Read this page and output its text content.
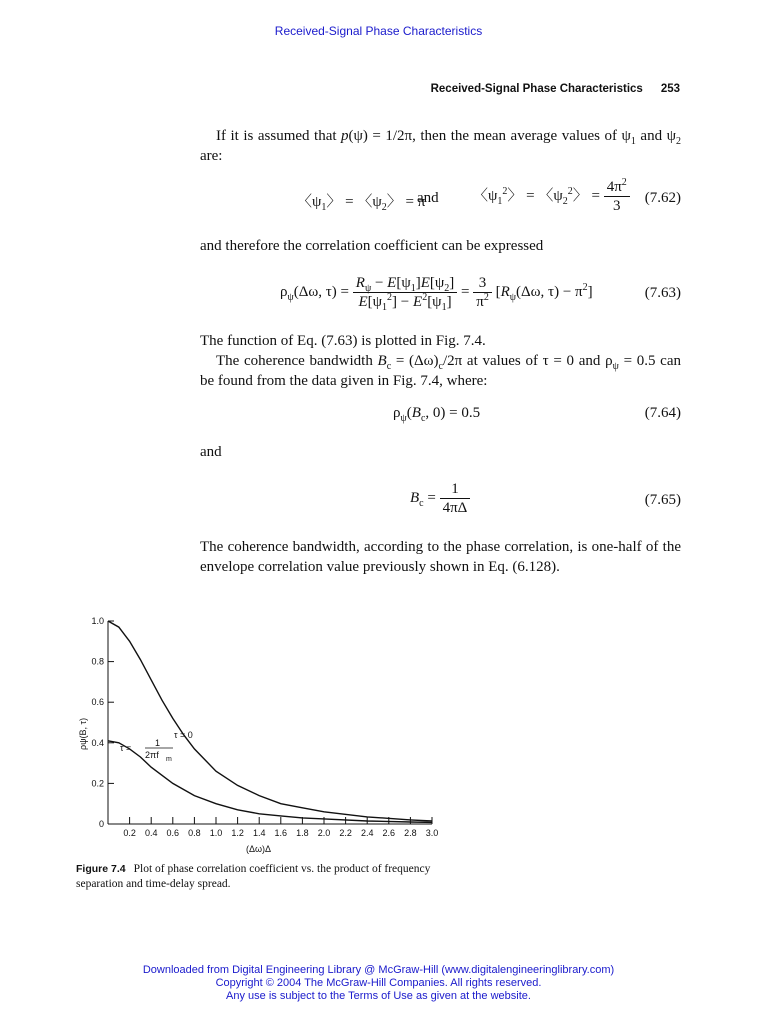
Received-Signal Phase Characteristics
Received-Signal Phase Characteristics 253
If it is assumed that p(ψ) = 1/2π, then the mean average values of $\psi_1$ and $\psi_2$ are:
〈$\psi_1$〉 = 〈$\psi_2$〉 = π
and 〈$\psi_1^2$〉 = 〈$\psi_2^2$〉 = $\frac{4\pi^2}{3} (7.62)$
and therefore the correlation coefficient can be expressed
$\rho_\psi(\Delta\omega$, $\tau) = \frac{R_\psi - E[\psi_1]E[\psi_2]}{E[\psi_1^2] - E^2[\psi_1]} = \frac{3}{\pi^2} [R_\psi(\Delta\omega$, $\tau) - \pi^2$]	(7.63)
The function of Eq. (7.63) is plotted in Fig. 7.4.
The coherence bandwidth $B_c = (\Delta\omega)_c/2\pi$ at values of τ = 0 and $\rho_\psi = 0.5$ can be found from the data given in Fig. 7.4, where:
$\rho_\psi(B_c$, 0) = 0.5	(7.64)
and
$B_c = \frac{1}{4\pi\Delta}$	(7.65)
The coherence bandwidth, according to the phase correlation, is one-half of the envelope correlation value previously shown in Eq. (6.128).
0
0.2
0.4
0.6
0.8
1.0
0.2 0.4 0.6 0.8 1.0 1.2 1.4 1.6 1.8 2.0 2.2 2.4 2.6 2.8 3.0
τ = 0
τ =	1
2πf m
ρψ(B, τ)
(Δω)Δ
Figure 7.4 Plot of phase correlation coefficient vs. the product of frequency separation and time-delay spread.
Downloaded from Digital Engineering Library @ McGraw-Hill (www.digitalengineeringlibrary.com)
Copyright © 2004 The McGraw-Hill Companies. All rights reserved.
Any use is subject to the Terms of Use as given at the website.
